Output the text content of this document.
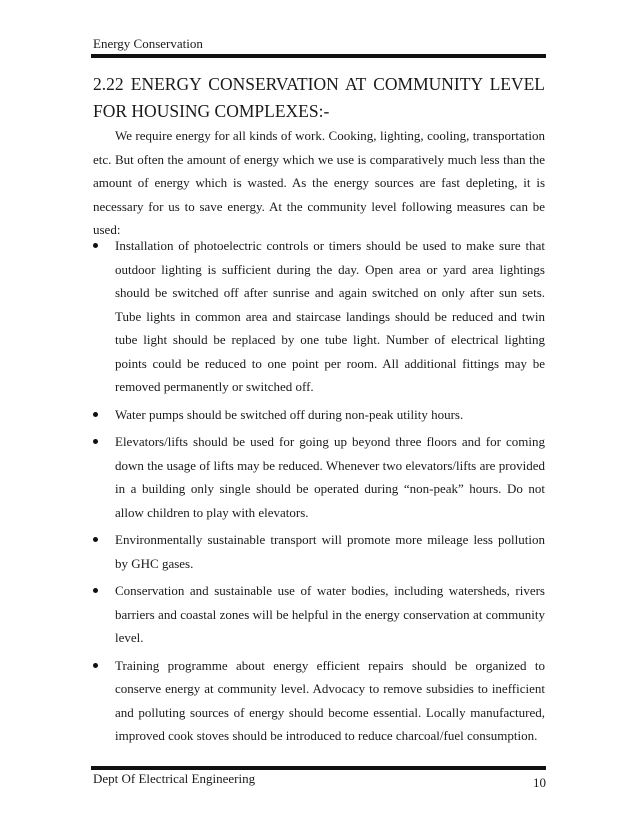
Energy Conservation
2.22 ENERGY CONSERVATION AT COMMUNITY LEVEL
FOR HOUSING COMPLEXES:-

We require energy for all kinds of work. Cooking, lighting, cooling, transportation etc. But often the amount of energy which we use is comparatively much less than the amount of energy which is wasted. As the energy sources are fast depleting, it is necessary for us to save energy. At the community level following measures can be used:

Installation of photoelectric controls or timers should be used to make sure that outdoor lighting is sufficient during the day. Open area or yard area lightings should be switched off after sunrise and again switched on only after sun sets. Tube lights in common area and staircase landings should be reduced and twin tube light should be replaced by one tube light. Number of electrical lighting points could be reduced to one point per room. All additional fittings may be removed permanently or switched off.
Water pumps should be switched off during non-peak utility hours.
Elevators/lifts should be used for going up beyond three floors and for coming down the usage of lifts may be reduced. Whenever two elevators/lifts are provided in a building only single should be operated during “non-peak” hours. Do not allow children to play with elevators.
Environmentally sustainable transport will promote more mileage less pollution by GHC gases.
Conservation and sustainable use of water bodies, including watersheds, rivers barriers and coastal zones will be helpful in the energy conservation at community level.
Training programme about energy efficient repairs should be organized to conserve energy at community level. Advocacy to remove subsidies to inefficient and polluting sources of energy should become essential. Locally manufactured, improved cook stoves should be introduced to reduce charcoal/fuel consumption.
Dept Of Electrical Engineering	10
